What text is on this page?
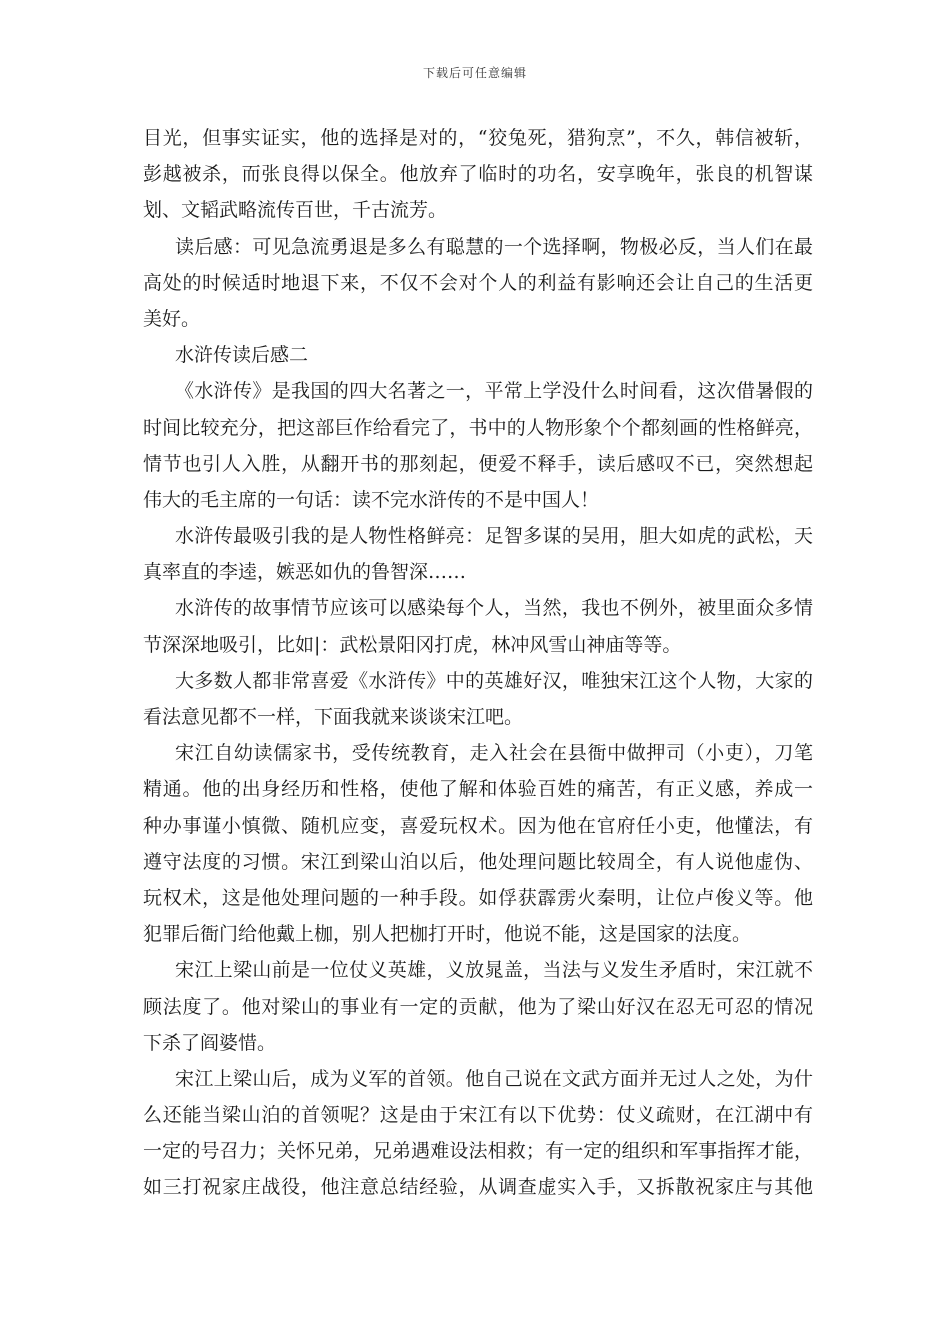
下载后可任意编辑
目光，但事实证实，他的选择是对的，“狡兔死，猎狗烹”，不久，韩信被斩，
彭越被杀，而张良得以保全。他放弃了临时的功名，安享晚年，张良的机智谋
划、文韬武略流传百世，千古流芳。
读后感：可见急流勇退是多么有聪慧的一个选择啊，物极必反，当人们在最
高处的时候适时地退下来，不仅不会对个人的利益有影响还会让自己的生活更
美好。
水浒传读后感二
《水浒传》是我国的四大名著之一，平常上学没什么时间看，这次借暑假的
时间比较充分，把这部巨作给看完了，书中的人物形象个个都刻画的性格鲜亮，
情节也引人入胜，从翻开书的那刻起，便爱不释手，读后感叹不已，突然想起
伟大的毛主席的一句话：读不完水浒传的不是中国人！
水浒传最吸引我的是人物性格鲜亮：足智多谋的吴用，胆大如虎的武松，天
真率直的李逵，嫉恶如仇的鲁智深……
水浒传的故事情节应该可以感染每个人，当然，我也不例外，被里面众多情
节深深地吸引，比如|：武松景阳冈打虎，林冲风雪山神庙等等。
大多数人都非常喜爱《水浒传》中的英雄好汉，唯独宋江这个人物，大家的
看法意见都不一样，下面我就来谈谈宋江吧。
宋江自幼读儒家书，受传统教育，走入社会在县衙中做押司（小吏），刀笔
精通。他的出身经历和性格，使他了解和体验百姓的痛苦，有正义感，养成一
种办事谨小慎微、随机应变，喜爱玩权术。因为他在官府任小吏，他懂法，有
遵守法度的习惯。宋江到梁山泊以后，他处理问题比较周全，有人说他虚伪、
玩权术，这是他处理问题的一种手段。如俘获霹雳火秦明，让位卢俊义等。他
犯罪后衙门给他戴上枷，别人把枷打开时，他说不能，这是国家的法度。
宋江上梁山前是一位仗义英雄，义放晁盖，当法与义发生矛盾时，宋江就不
顾法度了。他对梁山的事业有一定的贡献，他为了梁山好汉在忍无可忍的情况
下杀了阎婆惜。
宋江上梁山后，成为义军的首领。他自己说在文武方面并无过人之处，为什
么还能当梁山泊的首领呢？这是由于宋江有以下优势：仗义疏财，在江湖中有
一定的号召力；关怀兄弟，兄弟遇难设法相救；有一定的组织和军事指挥才能，
如三打祝家庄战役，他注意总结经验，从调查虚实入手，又拆散祝家庄与其他
